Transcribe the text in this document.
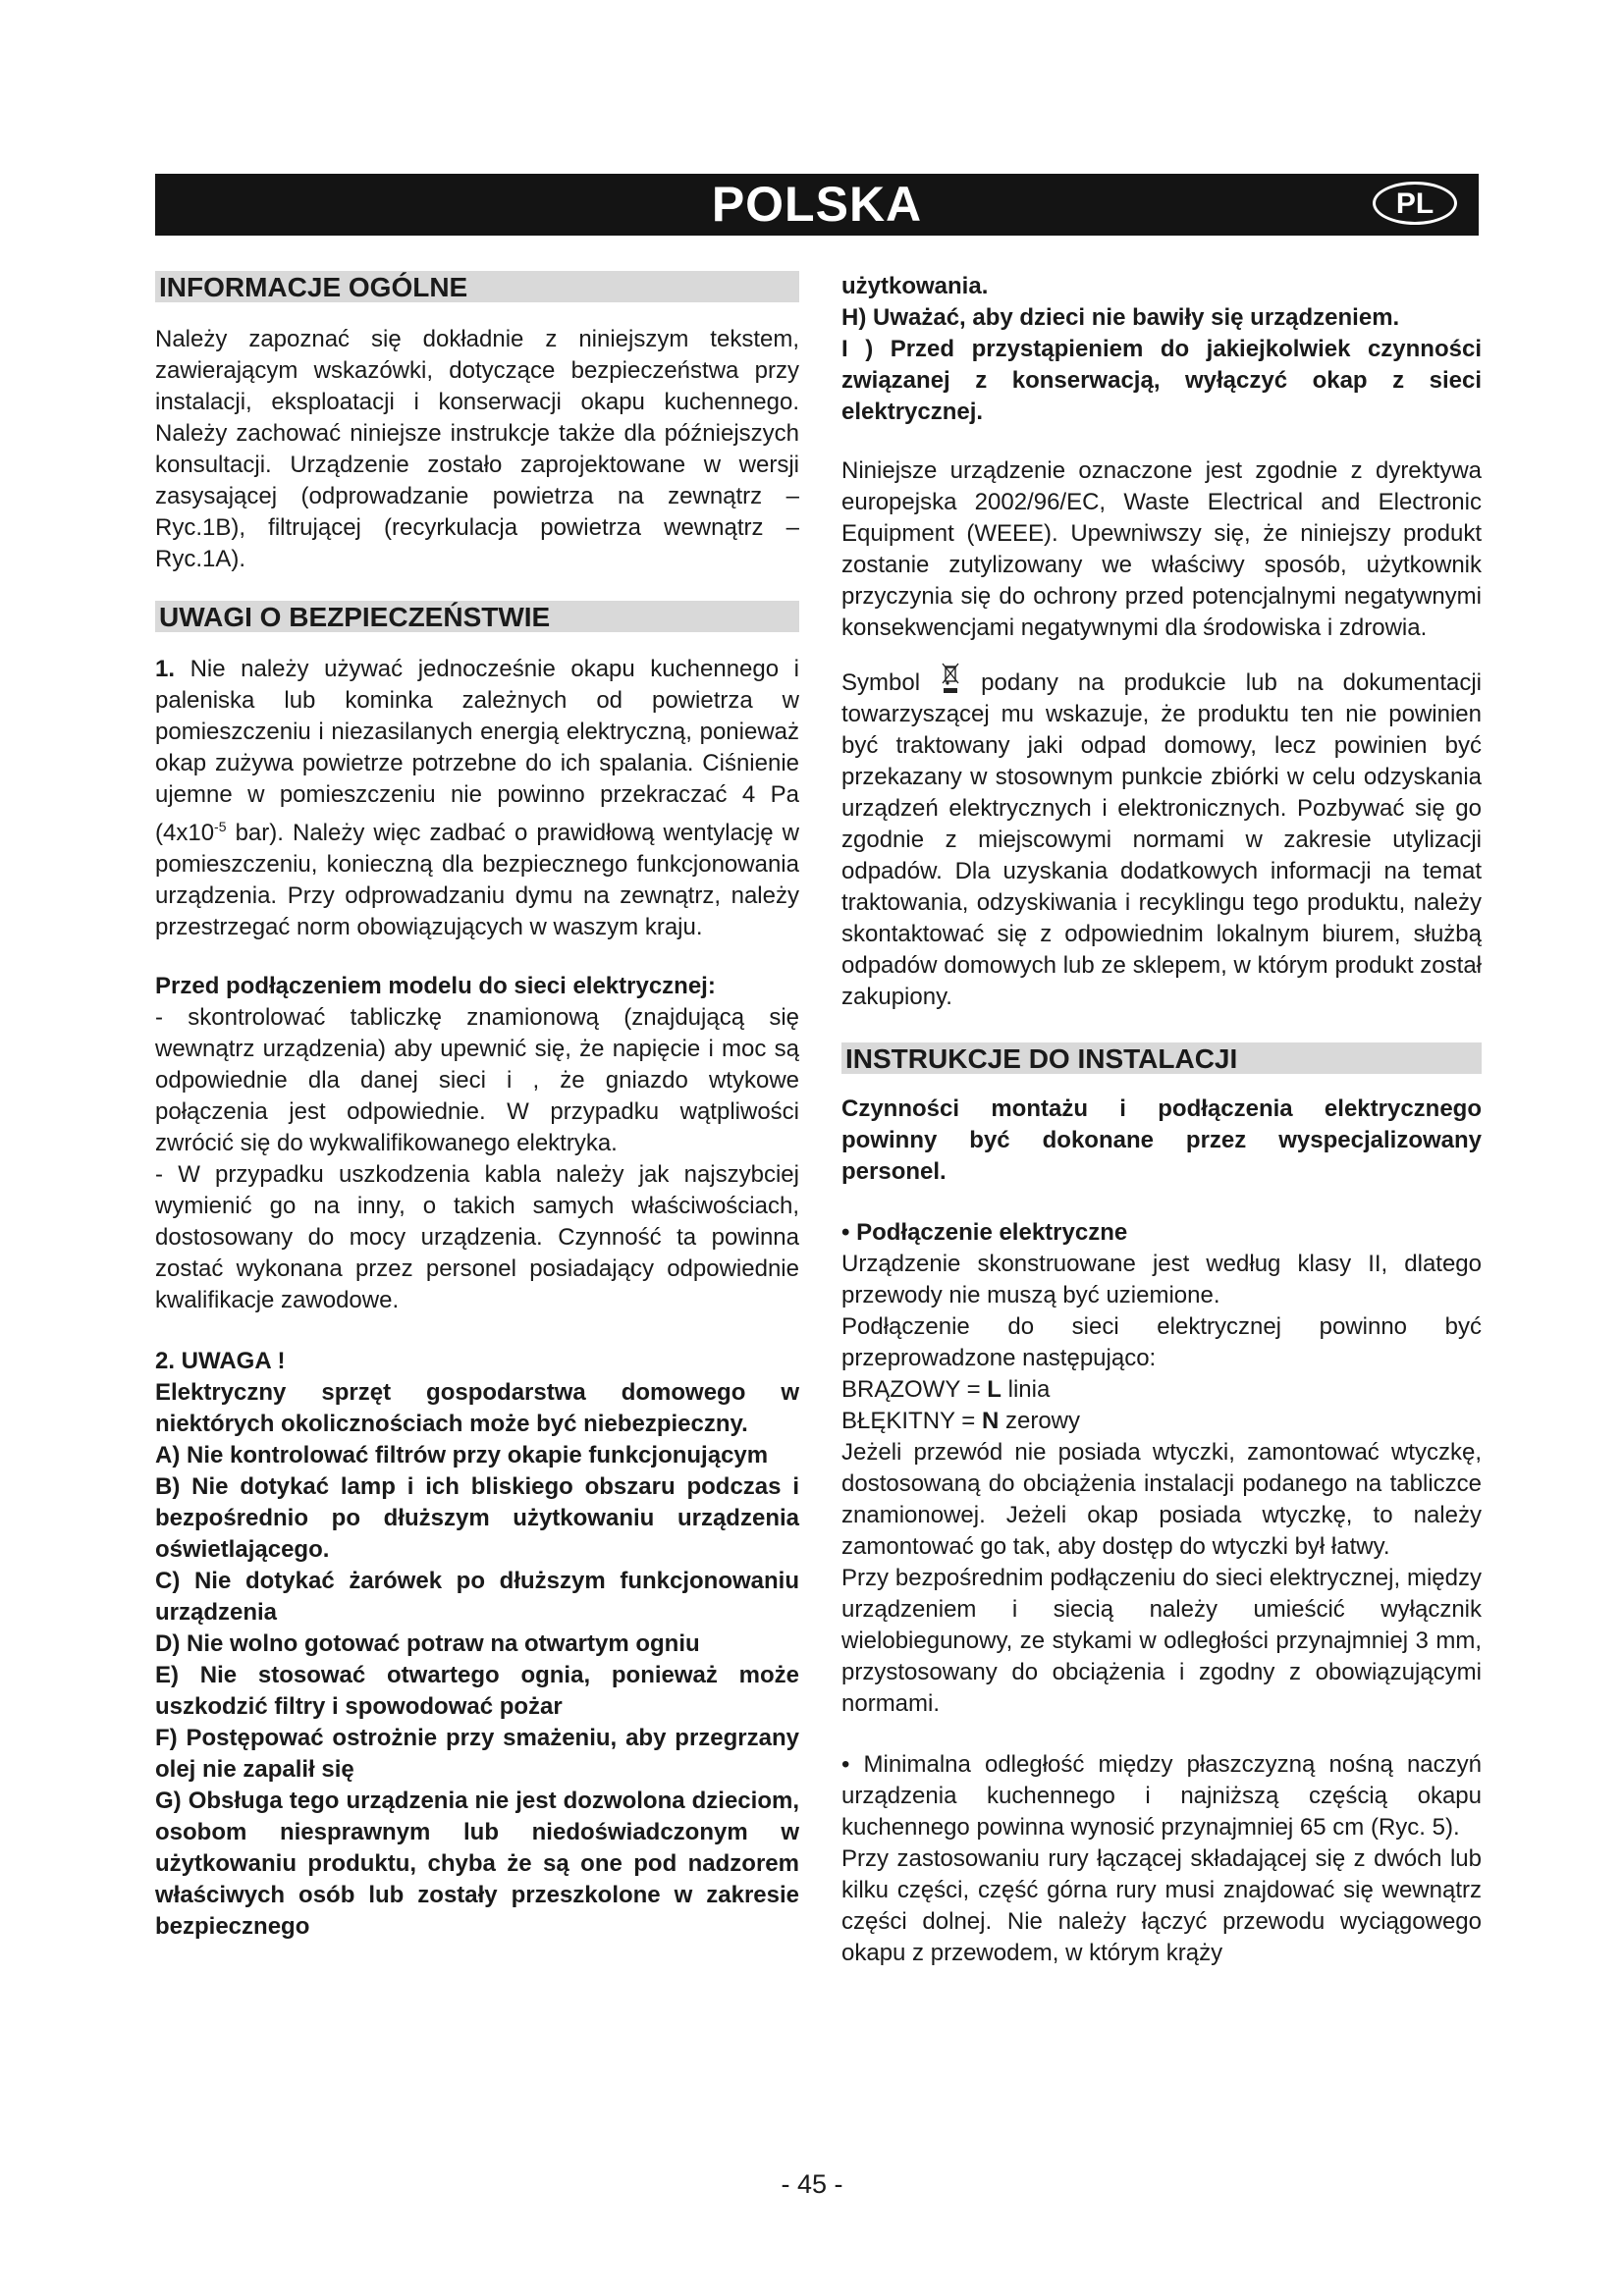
POLSKA	PL
INFORMACJE OGÓLNE

Należy zapoznać się dokładnie z niniejszym tekstem, zawierającym wskazówki, dotyczące bezpieczeństwa przy instalacji, eksploatacji i konserwacji okapu kuchennego. Należy zachować niniejsze instrukcje także dla późniejszych konsultacji. Urządzenie zostało zaprojektowane w wersji zasysającej (odprowadzanie powietrza na zewnątrz – Ryc.1B), filtrującej (recyrkulacja powietrza wewnątrz – Ryc.1A).

UWAGI O BEZPIECZEŃSTWIE

1. Nie należy używać jednocześnie okapu kuchennego i paleniska lub kominka zależnych od powietrza w pomieszczeniu i niezasilanych energią elektryczną, ponieważ okap zużywa powietrze potrzebne do ich spalania. Ciśnienie ujemne w pomieszczeniu nie powinno przekraczać 4 Pa ($4x10^{-5}$ bar). Należy więc zadbać o prawidłową wentylację w pomieszczeniu, konieczną dla bezpiecznego funkcjonowania urządzenia. Przy odprowadzaniu dymu na zewnątrz, należy przestrzegać norm obowiązujących w waszym kraju.

Przed podłączeniem modelu do sieci elektrycznej:

- skontrolować tabliczkę znamionową (znajdującą się wewnątrz urządzenia) aby upewnić się, że napięcie i moc są odpowiednie dla danej sieci i , że gniazdo wtykowe połączenia jest odpowiednie. W przypadku wątpliwości zwrócić się do wykwalifikowanego elektryka.

- W przypadku uszkodzenia kabla należy jak najszybciej wymienić go na inny, o takich samych właściwościach, dostosowany do mocy urządzenia. Czynność ta powinna zostać wykonana przez personel posiadający odpowiednie kwalifikacje zawodowe.

2. UWAGA !

Elektryczny sprzęt gospodarstwa domowego w niektórych okolicznościach może być niebezpieczny.

A) Nie kontrolować filtrów przy okapie funkcjonującym

B) Nie dotykać lamp i ich bliskiego obszaru podczas i bezpośrednio po dłuższym użytkowaniu urządzenia oświetlającego.

C) Nie dotykać żarówek po dłuższym funkcjonowaniu urządzenia

D) Nie wolno gotować potraw na otwartym ogniu

E) Nie stosować otwartego ognia, ponieważ może uszkodzić filtry i spowodować pożar

F) Postępować ostrożnie przy smażeniu, aby przegrzany olej nie zapalił się

G) Obsługa tego urządzenia nie jest dozwolona dzieciom, osobom niesprawnym lub niedoświadczonym w użytkowaniu produktu, chyba że są one pod nadzorem właściwych osób lub zostały przeszkolone w zakresie bezpiecznego

użytkowania.

H) Uważać, aby dzieci nie bawiły się urządzeniem.

I ) Przed przystąpieniem do jakiejkolwiek czynności związanej z konserwacją, wyłączyć okap z sieci elektrycznej.

Niniejsze urządzenie oznaczone jest zgodnie z dyrektywa europejska 2002/96/EC, Waste Electrical and Electronic Equipment (WEEE). Upewniwszy się, że niniejszy produkt zostanie zutylizowany we właściwy sposób, użytkownik przyczynia się do ochrony przed potencjalnymi negatywnymi konsekwencjami negatywnymi dla środowiska i zdrowia.

Symbol
podany na produkcie lub na dokumentacji towarzyszącej mu wskazuje, że produktu ten nie powinien być traktowany jaki odpad domowy, lecz powinien być przekazany w stosownym punkcie zbiórki w celu odzyskania urządzeń elektrycznych i elektronicznych. Pozbywać się go zgodnie z miejscowymi normami w zakresie utylizacji odpadów. Dla uzyskania dodatkowych informacji na temat traktowania, odzyskiwania i recyklingu tego produktu, należy skontaktować się z odpowiednim lokalnym biurem, służbą odpadów domowych lub ze sklepem, w którym produkt został zakupiony.

INSTRUKCJE DO INSTALACJI

Czynności montażu i podłączenia elektrycznego powinny być dokonane przez wyspecjalizowany personel.

• Podłączenie elektryczne

Urządzenie skonstruowane jest według klasy II, dlatego przewody nie muszą być uziemione.

Podłączenie do sieci elektrycznej powinno być przeprowadzone następująco:

BRĄZOWY = L linia

BŁĘKITNY = N zerowy

Jeżeli przewód nie posiada wtyczki, zamontować wtyczkę, dostosowaną do obciążenia instalacji podanego na tabliczce znamionowej. Jeżeli okap posiada wtyczkę, to należy zamontować go tak, aby dostęp do wtyczki był łatwy.

Przy bezpośrednim podłączeniu do sieci elektrycznej, między urządzeniem i siecią należy umieścić wyłącznik wielobiegunowy, ze stykami w odległości przynajmniej 3 mm, przystosowany do obciążenia i zgodny z obowiązującymi normami.

• Minimalna odległość między płaszczyzną nośną naczyń urządzenia kuchennego i najniższą częścią okapu kuchennego powinna wynosić przynajmniej 65 cm (Ryc. 5).

Przy zastosowaniu rury łączącej składającej się z dwóch lub kilku części, część górna rury musi znajdować się wewnątrz części dolnej. Nie należy łączyć przewodu wyciągowego okapu z przewodem, w którym krąży

- 45 -
